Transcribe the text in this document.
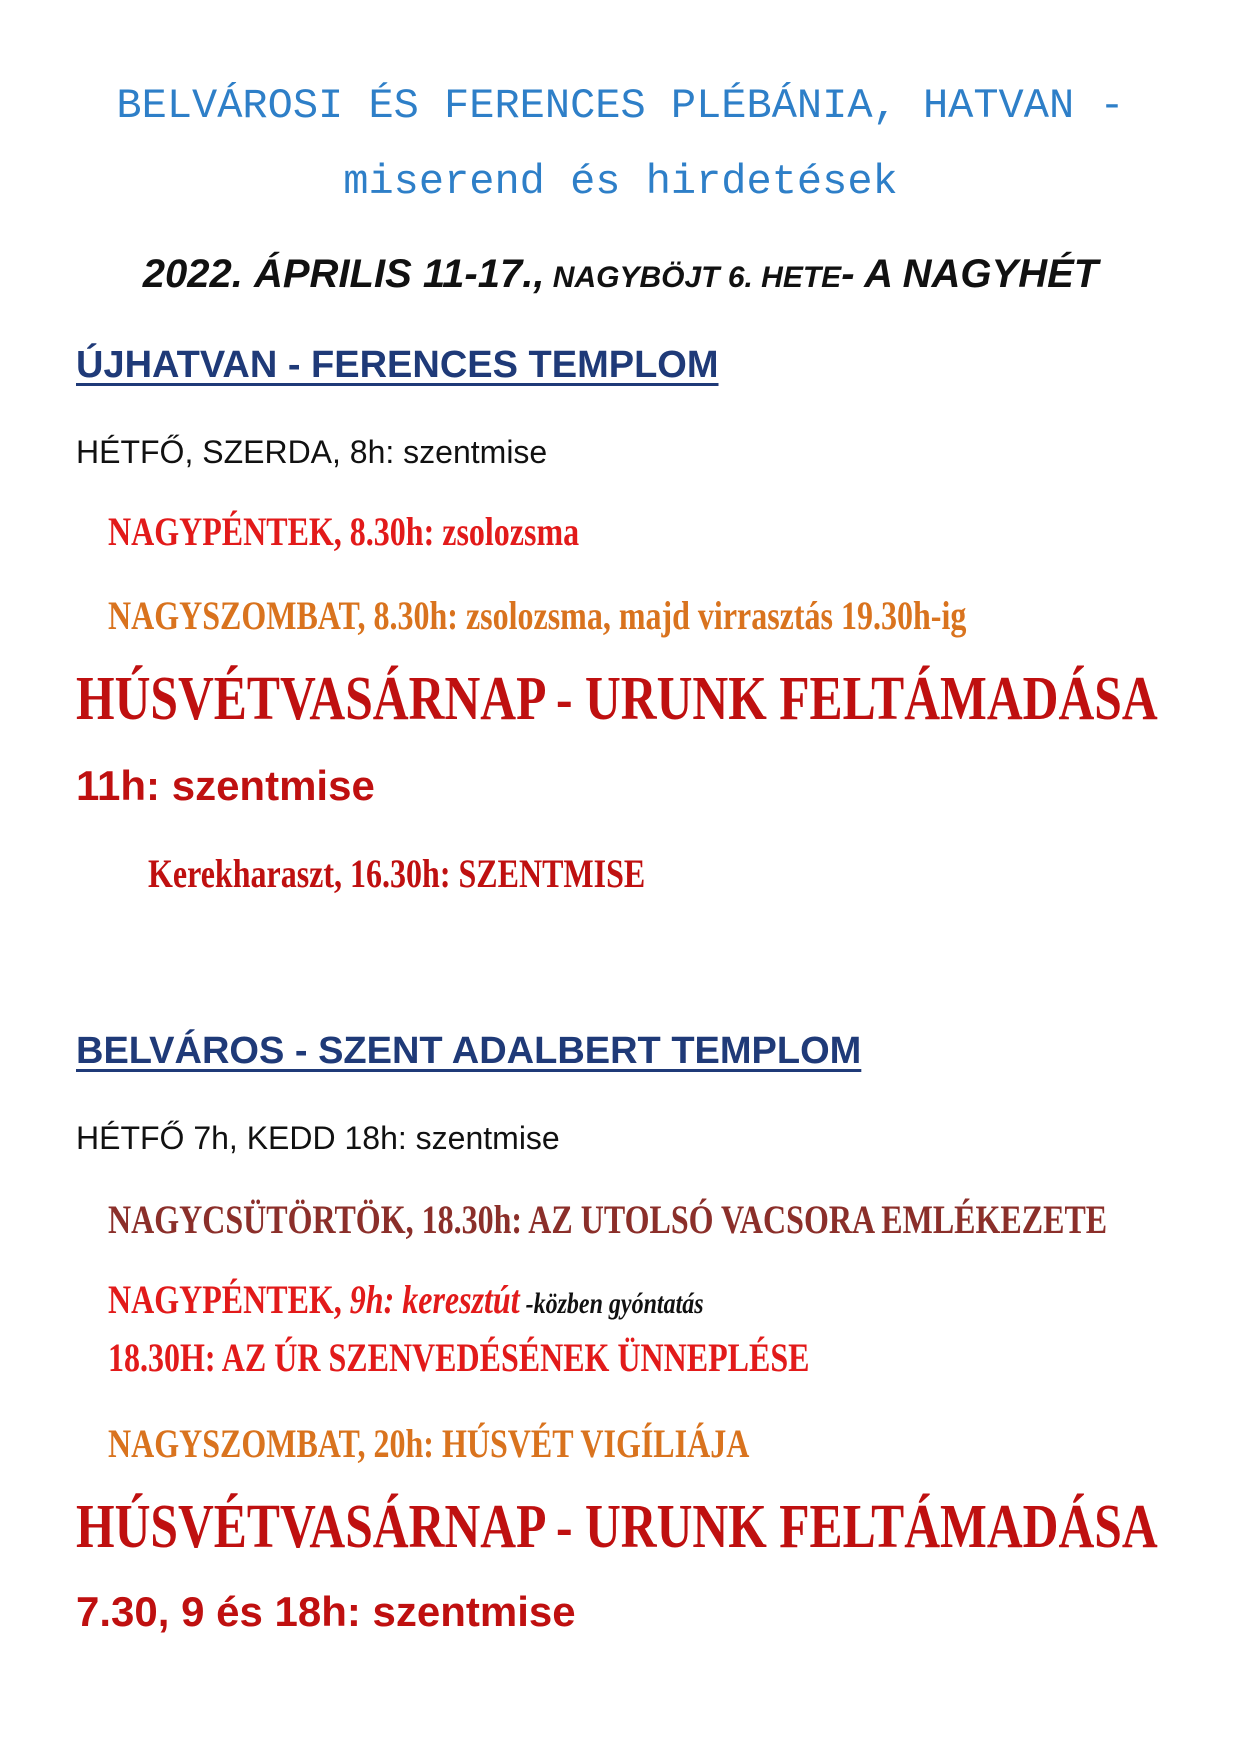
BELVÁROSI ÉS FERENCES PLÉBÁNIA, HATVAN -
miserend és hirdetések
2022. ÁPRILIS 11-17., NAGYBÖJT 6. HETE- A NAGYHÉT
ÚJHATVAN - FERENCES TEMPLOM
HÉTFŐ, SZERDA, 8h: szentmise
NAGYPÉNTEK, 8.30h: zsolozsma
NAGYSZOMBAT, 8.30h: zsolozsma, majd virrasztás 19.30h-ig
HÚSVÉTVASÁRNAP - URUNK FELTÁMADÁSA
11h: szentmise
Kerekharaszt, 16.30h: SZENTMISE
BELVÁROS - SZENT ADALBERT TEMPLOM
HÉTFŐ 7h, KEDD 18h: szentmise
NAGYCSÜTÖRTÖK, 18.30h: AZ UTOLSÓ VACSORA EMLÉKEZETE
NAGYPÉNTEK, 9h: keresztút -közben gyóntatás
18.30H: AZ ÚR SZENVEDÉSÉNEK ÜNNEPLÉSE
NAGYSZOMBAT, 20h: HÚSVÉT VIGÍLIÁJA
HÚSVÉTVASÁRNAP - URUNK FELTÁMADÁSA
7.30, 9 és 18h: szentmise
